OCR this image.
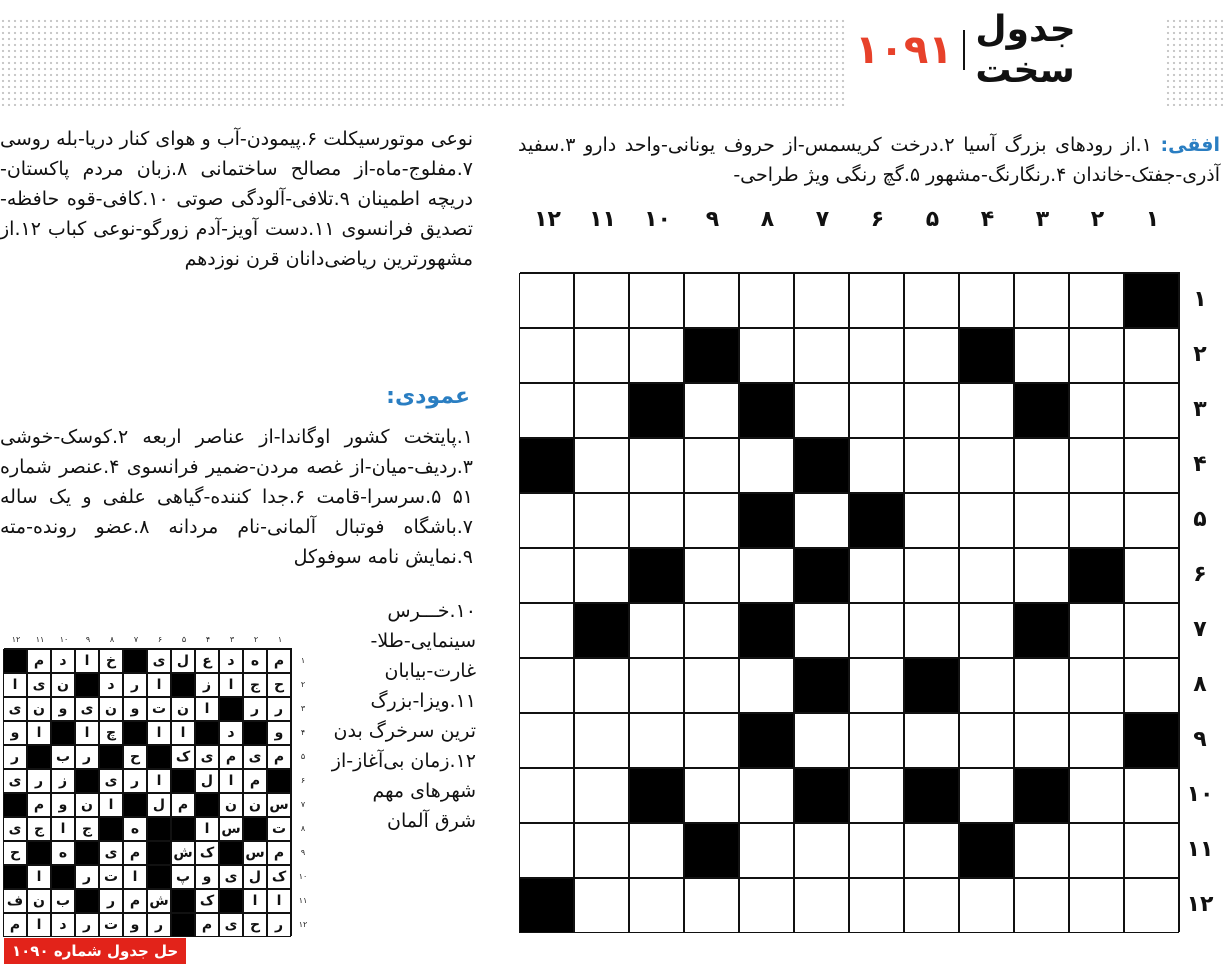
۱۰۹۱ جدول سخت
افقی: ۱.از رودهای بزرگ آسیا ۲.درخت کریسمس-از حروف یونانی-واحد دارو ۳.سفید آذری-جفتک-خاندان ۴.رنگارنگ-مشهور ۵.گچ رنگی ویژ طراحی-
نوعی موتورسیکلت ۶.پیمودن-آب و هوای کنار دریا-بله روسی ۷.مفلوج-ماه-از مصالح ساختمانی ۸.زبان مردم پاکستان-دریچه اطمینان ۹.تلافی-آلودگی صوتی ۱۰.کافی-قوه حافظه-تصدیق فرانسوی ۱۱.دست آویز-آدم زورگو-نوعی کباب ۱۲.از مشهورترین ریاضی‌دانان قرن نوزدهم
عمودی:
۱.پایتخت کشور اوگاندا-از عناصر اربعه ۲.کوسک-خوشی ۳.ردیف-میان-از غصه مردن-ضمیر فرانسوی ۴.عنصر شماره ۵۱ ۵.سرسرا-قامت ۶.جدا کننده-گیاهی علفی و یک ساله ۷.باشگاه فوتبال آلمانی-نام مردانه ۸.عضو رونده-مته ۹.نمایش نامه سوفوکل
۱۰.خـــرس سینمایی-طلا-غارت-بیابان ۱۱.ویزا-بزرگ ترین سرخرگ بدن ۱۲.زمان بی‌آغاز-از شهرهای مهم شرق آلمان
۱
۲
۳
۴
۵
۶
۷
۸
۹
۱۰
۱۱
۱۲
۱
۲
۳
۴
۵
۶
۷
۸
۹
۱۰
۱۱
۱۲
۱
۲
۳
۴
۵
۶
۷
۸
۹
۱۰
۱۱
۱۲
۱
۲
۳
۴
۵
۶
۷
۸
۹
۱۰
۱۱
۱۲
م
ه
د
ع
ل
ی
خ
ا
د
م
ح
ج
ا
ز
ا
ر
د
ن
ی
ا
ر
ر
ا
ن
ت
و
ن
ی
و
ن
ی
و
د
ا
ا
چ
ا
ا
و
م
ی
م
ی
ک
ح
ر
ب
ر
م
ا
ل
ا
ر
ی
ز
ر
ی
س
ن
ن
م
ل
ا
ن
و
م
ت
س
ا
ه
ج
ا
ج
ی
م
س
ک
ش
م
ی
ه
ح
ک
ل
ی
و
پ
ا
ت
ر
ا
ا
ا
ک
ش
م
ر
ب
ن
ف
ر
ح
ی
م
ر
و
ت
ر
د
ا
م
حل جدول شماره ۱۰۹۰
